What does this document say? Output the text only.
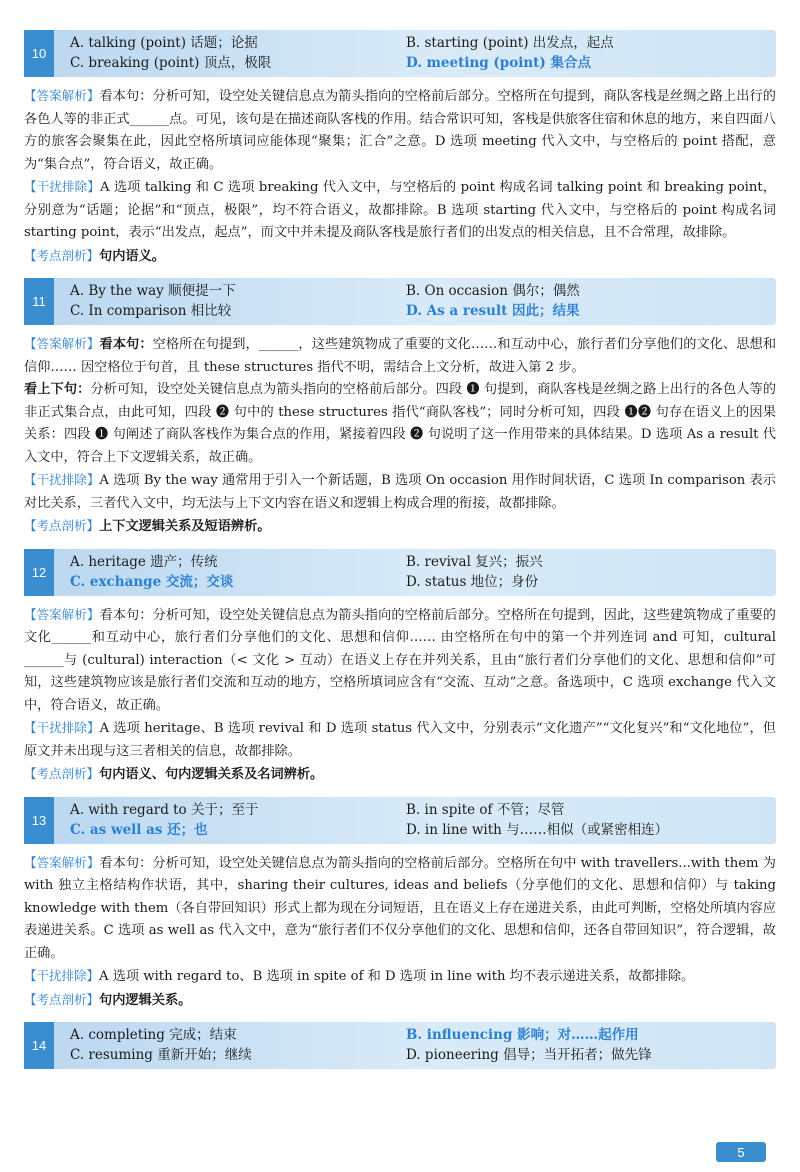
10
A. talking (point) 话题；论据	B. starting (point) 出发点，起点
C. breaking (point) 顶点，极限	D. meeting (point) 集合点

【答案解析】看本句：分析可知，设空处关键信息点为箭头指向的空格前后部分。空格所在句提到，商队客栈是丝绸之路上出行的各色人等的非正式______点。可见，该句是在描述商队客栈的作用。结合常识可知，客栈是供旅客住宿和休息的地方，来自四面八方的旅客会聚集在此，因此空格所填词应能体现“聚集；汇合”之意。D 选项 meeting 代入文中，与空格后的 point 搭配，意为“集合点”，符合语义，故正确。

【干扰排除】A 选项 talking 和 C 选项 breaking 代入文中，与空格后的 point 构成名词 talking point 和 breaking point，分别意为“话题；论据”和“顶点，极限”，均不符合语义，故都排除。B 选项 starting 代入文中，与空格后的 point 构成名词 starting point，表示“出发点，起点”，而文中并未提及商队客栈是旅行者们的出发点的相关信息，且不合常理，故排除。

【考点剖析】句内语义。

11
A. By the way 顺便提一下	B. On occasion 偶尔；偶然
C. In comparison 相比较	D. As a result 因此；结果

【答案解析】看本句：空格所在句提到，______，这些建筑物成了重要的文化……和互动中心，旅行者们分享他们的文化、思想和信仰…… 因空格位于句首，且 these structures 指代不明，需结合上文分析，故进入第 2 步。

看上下句：分析可知，设空处关键信息点为箭头指向的空格前后部分。四段 ❶ 句提到，商队客栈是丝绸之路上出行的各色人等的非正式集合点，由此可知，四段 ❷ 句中的 these structures 指代“商队客栈”；同时分析可知，四段 ❶❷ 句存在语义上的因果关系：四段 ❶ 句阐述了商队客栈作为集合点的作用，紧接着四段 ❷ 句说明了这一作用带来的具体结果。D 选项 As a result 代入文中，符合上下文逻辑关系，故正确。

【干扰排除】A 选项 By the way 通常用于引入一个新话题，B 选项 On occasion 用作时间状语，C 选项 In comparison 表示对比关系，三者代入文中，均无法与上下文内容在语义和逻辑上构成合理的衔接，故都排除。

【考点剖析】上下文逻辑关系及短语辨析。

12
A. heritage 遗产；传统	B. revival 复兴；振兴
C. exchange 交流；交谈	D. status 地位；身份

【答案解析】看本句：分析可知，设空处关键信息点为箭头指向的空格前后部分。空格所在句提到，因此，这些建筑物成了重要的文化______和互动中心，旅行者们分享他们的文化、思想和信仰…… 由空格所在句中的第一个并列连词 and 可知，cultural ______与 (cultural) interaction（< 文化 > 互动）在语义上存在并列关系，且由“旅行者们分享他们的文化、思想和信仰”可知，这些建筑物应该是旅行者们交流和互动的地方，空格所填词应含有“交流、互动”之意。备选项中，C 选项 exchange 代入文中，符合语义，故正确。

【干扰排除】A 选项 heritage、B 选项 revival 和 D 选项 status 代入文中，分别表示“文化遗产”“文化复兴”和“文化地位”，但原文并未出现与这三者相关的信息，故都排除。

【考点剖析】句内语义、句内逻辑关系及名词辨析。

13
A. with regard to 关于；至于	B. in spite of 不管；尽管
C. as well as 还；也	D. in line with 与……相似（或紧密相连）

【答案解析】看本句：分析可知，设空处关键信息点为箭头指向的空格前后部分。空格所在句中 with travellers...with them 为 with 独立主格结构作状语，其中，sharing their cultures, ideas and beliefs（分享他们的文化、思想和信仰）与 taking knowledge with them（各自带回知识）形式上都为现在分词短语，且在语义上存在递进关系，由此可判断，空格处所填内容应表递进关系。C 选项 as well as 代入文中，意为“旅行者们不仅分享他们的文化、思想和信仰，还各自带回知识”，符合逻辑，故正确。

【干扰排除】A 选项 with regard to、B 选项 in spite of 和 D 选项 in line with 均不表示递进关系，故都排除。

【考点剖析】句内逻辑关系。

14
A. completing 完成；结束	B. influencing 影响；对……起作用
C. resuming 重新开始；继续	D. pioneering 倡导；当开拓者；做先锋
5
